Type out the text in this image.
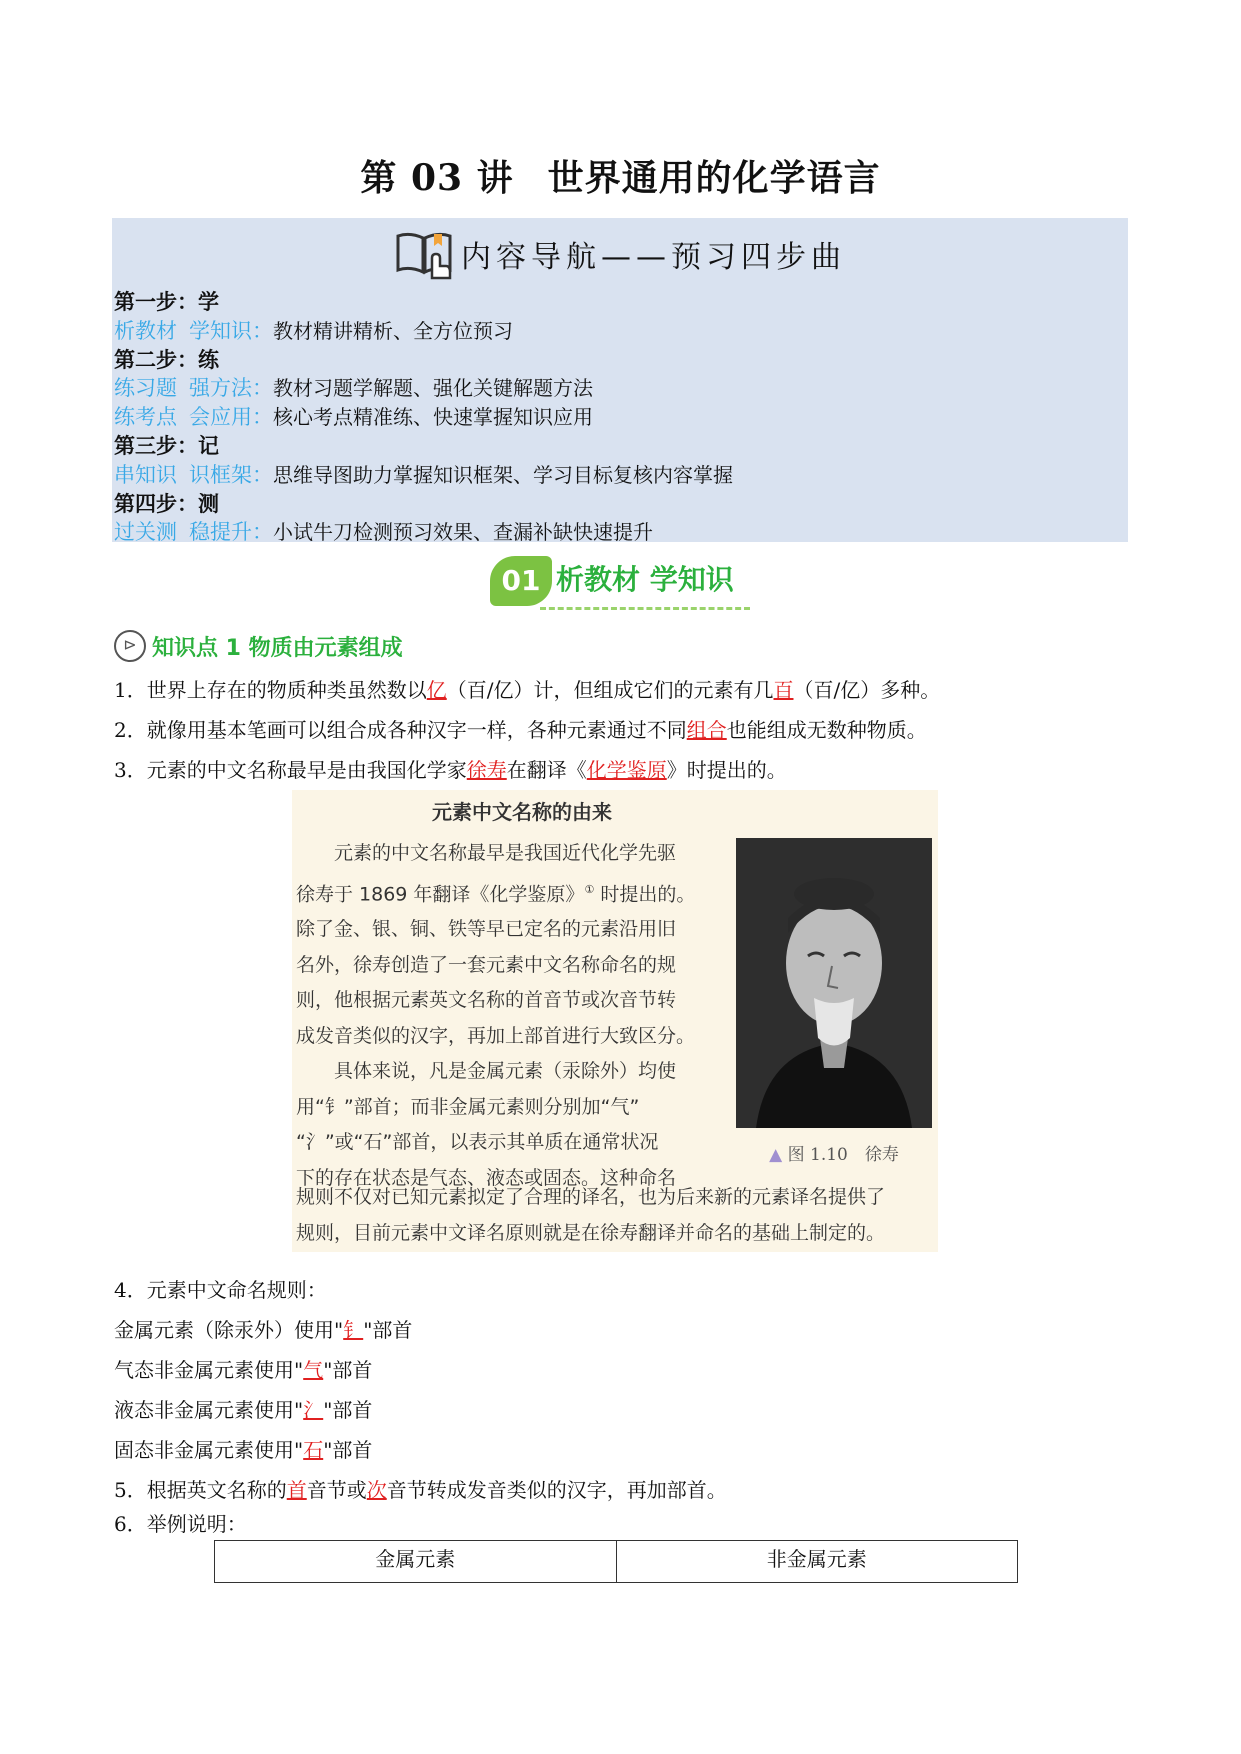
第 03 讲 世界通用的化学语言
内容导航——预习四步曲
第一步：学
析教材 学知识：教材精讲精析、全方位预习
第二步：练
练习题 强方法：教材习题学解题、强化关键解题方法
练考点 会应用：核心考点精准练、快速掌握知识应用
第三步：记
串知识 识框架：思维导图助力掌握知识框架、学习目标复核内容掌握
第四步：测
过关测 稳提升：小试牛刀检测预习效果、查漏补缺快速提升
01 析教材 学知识
⊳ 知识点 1 物质由元素组成
1．世界上存在的物质种类虽然数以亿（百/亿）计，但组成它们的元素有几百（百/亿）多种。
2．就像用基本笔画可以组合成各种汉字一样，各种元素通过不同组合也能组成无数种物质。
3．元素的中文名称最早是由我国化学家徐寿在翻译《化学鉴原》时提出的。
元素中文名称的由来

元素的中文名称最早是我国近代化学先驱

徐寿于 1869 年翻译《化学鉴原》① 时提出的。

除了金、银、铜、铁等早已定名的元素沿用旧

名外，徐寿创造了一套元素中文名称命名的规

则，他根据元素英文名称的首音节或次音节转

成发音类似的汉字，再加上部首进行大致区分。

具体来说，凡是金属元素（汞除外）均使

用“钅”部首；而非金属元素则分别加“气”

“氵”或“石”部首，以表示其单质在通常状况

下的存在状态是气态、液态或固态。这种命名

规则不仅对已知元素拟定了合理的译名，也为后来新的元素译名提供了

规则，目前元素中文译名原则就是在徐寿翻译并命名的基础上制定的。

▲ 图 1.10　徐寿
4．元素中文命名规则：
金属元素（除汞外）使用"钅"部首
气态非金属元素使用"气"部首
液态非金属元素使用"氵"部首
固态非金属元素使用"石"部首
5．根据英文名称的首音节或次音节转成发音类似的汉字，再加部首。
6．举例说明：
金属元素	非金属元素
